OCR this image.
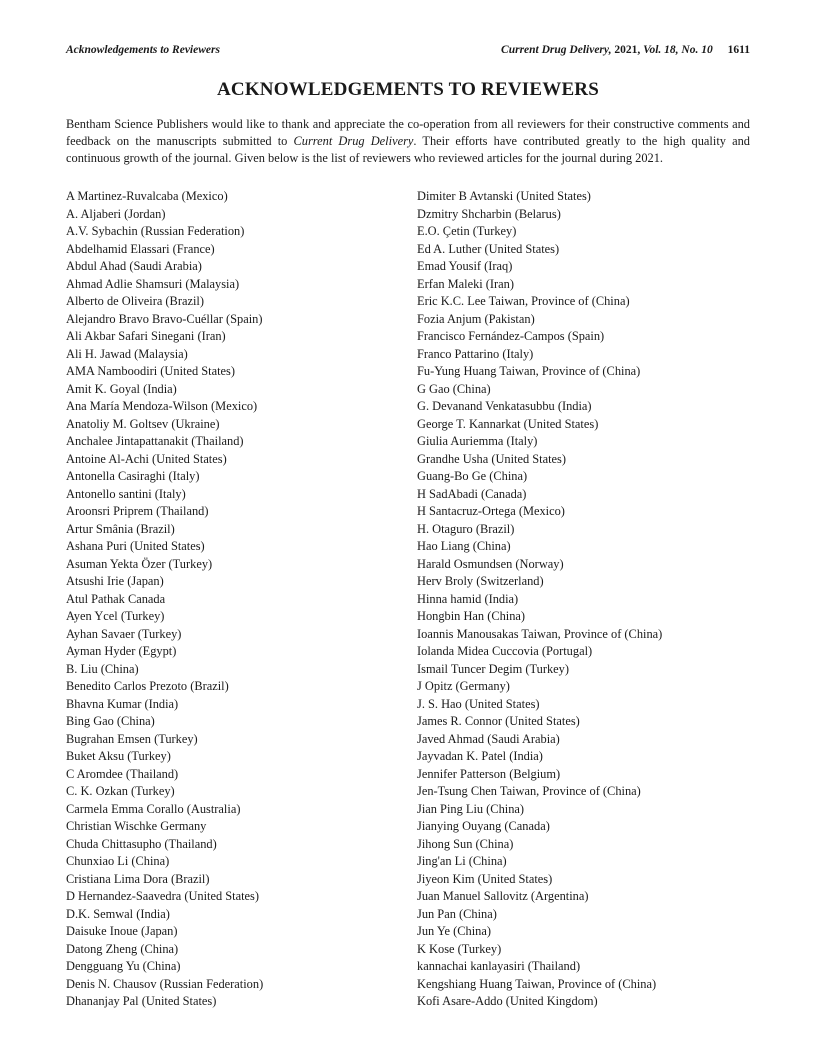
Acknowledgements to Reviewers	Current Drug Delivery, 2021, Vol. 18, No. 10 1611
ACKNOWLEDGEMENTS TO REVIEWERS

Bentham Science Publishers would like to thank and appreciate the co-operation from all reviewers for their constructive comments and feedback on the manuscripts submitted to Current Drug Delivery. Their efforts have contributed greatly to the high quality and continuous growth of the journal. Given below is the list of reviewers who reviewed articles for the journal during 2021.

A Martinez-Ruvalcaba (Mexico)
A. Aljaberi (Jordan)
A.V. Sybachin (Russian Federation)
Abdelhamid Elassari (France)
Abdul Ahad (Saudi Arabia)
Ahmad Adlie Shamsuri (Malaysia)
Alberto de Oliveira (Brazil)
Alejandro Bravo Bravo-Cuéllar (Spain)
Ali Akbar Safari Sinegani (Iran)
Ali H. Jawad (Malaysia)
AMA Namboodiri (United States)
Amit K. Goyal (India)
Ana María Mendoza-Wilson (Mexico)
Anatoliy M. Goltsev (Ukraine)
Anchalee Jintapattanakit (Thailand)
Antoine Al-Achi (United States)
Antonella Casiraghi (Italy)
Antonello santini (Italy)
Aroonsri Priprem (Thailand)
Artur Smânia (Brazil)
Ashana Puri (United States)
Asuman Yekta Özer (Turkey)
Atsushi Irie (Japan)
Atul Pathak Canada
Ayen Ycel (Turkey)
Ayhan Savaer (Turkey)
Ayman Hyder (Egypt)
B. Liu (China)
Benedito Carlos Prezoto (Brazil)
Bhavna Kumar (India)
Bing Gao (China)
Bugrahan Emsen (Turkey)
Buket Aksu (Turkey)
C Aromdee (Thailand)
C. K. Ozkan (Turkey)
Carmela Emma Corallo (Australia)
Christian Wischke Germany
Chuda Chittasupho (Thailand)
Chunxiao Li (China)
Cristiana Lima Dora (Brazil)
D Hernandez-Saavedra (United States)
D.K. Semwal (India)
Daisuke Inoue (Japan)
Datong Zheng (China)
Dengguang Yu (China)
Denis N. Chausov (Russian Federation)
Dhananjay Pal (United States)
Dimiter B Avtanski (United States)
Dzmitry Shcharbin (Belarus)
E.O. Çetin (Turkey)
Ed A. Luther (United States)
Emad Yousif (Iraq)
Erfan Maleki (Iran)
Eric K.C. Lee Taiwan, Province of (China)
Fozia Anjum (Pakistan)
Francisco Fernández-Campos (Spain)
Franco Pattarino (Italy)
Fu-Yung Huang Taiwan, Province of (China)
G Gao (China)
G. Devanand Venkatasubbu (India)
George T. Kannarkat (United States)
Giulia Auriemma (Italy)
Grandhe Usha (United States)
Guang-Bo Ge (China)
H SadAbadi (Canada)
H Santacruz-Ortega (Mexico)
H. Otaguro (Brazil)
Hao Liang (China)
Harald Osmundsen (Norway)
Herv Broly (Switzerland)
Hinna hamid (India)
Hongbin Han (China)
Ioannis Manousakas Taiwan, Province of (China)
Iolanda Midea Cuccovia (Portugal)
Ismail Tuncer Degim (Turkey)
J Opitz (Germany)
J. S. Hao (United States)
James R. Connor (United States)
Javed Ahmad (Saudi Arabia)
Jayvadan K. Patel (India)
Jennifer Patterson (Belgium)
Jen-Tsung Chen Taiwan, Province of (China)
Jian Ping Liu (China)
Jianying Ouyang (Canada)
Jihong Sun (China)
Jing'an Li (China)
Jiyeon Kim (United States)
Juan Manuel Sallovitz (Argentina)
Jun Pan (China)
Jun Ye (China)
K Kose (Turkey)
kannachai kanlayasiri (Thailand)
Kengshiang Huang Taiwan, Province of (China)
Kofi Asare-Addo (United Kingdom)
